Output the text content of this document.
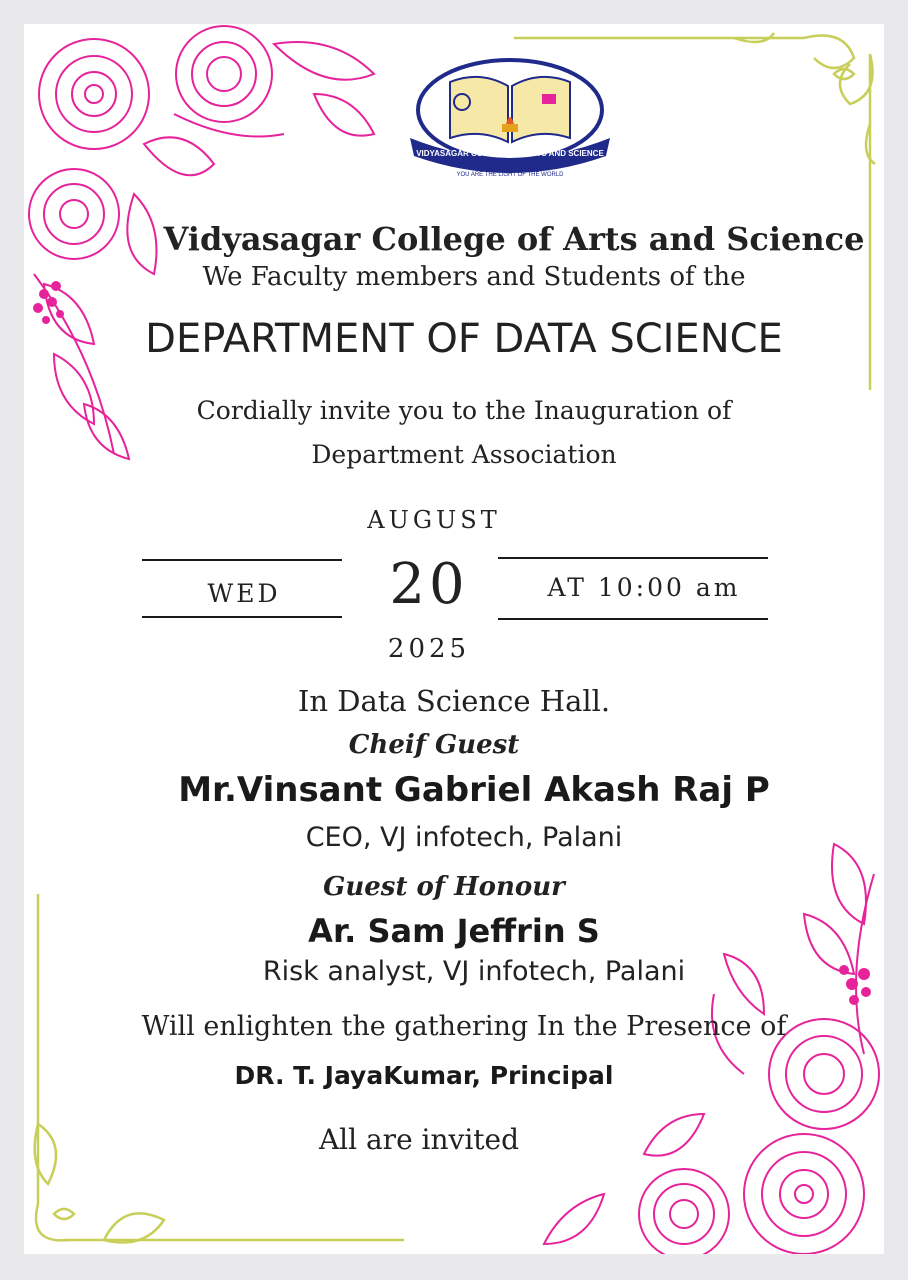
VIDYASAGAR COLLEGE OF ARTS AND SCIENCE
YOU ARE THE LIGHT OF THE WORLD
Vidyasagar College of Arts and Science
We Faculty members and Students of the
DEPARTMENT OF DATA SCIENCE
Cordially invite you to the Inauguration of
Department Association
AUGUST
WED	20	AT 10:00 am
2025
In Data Science Hall.
Cheif Guest
Mr.Vinsant Gabriel Akash Raj P
CEO, VJ infotech, Palani
Guest of Honour
Ar. Sam Jeffrin S
Risk analyst, VJ infotech, Palani
Will enlighten the gathering In the Presence of
DR. T. JayaKumar, Principal
All are invited
